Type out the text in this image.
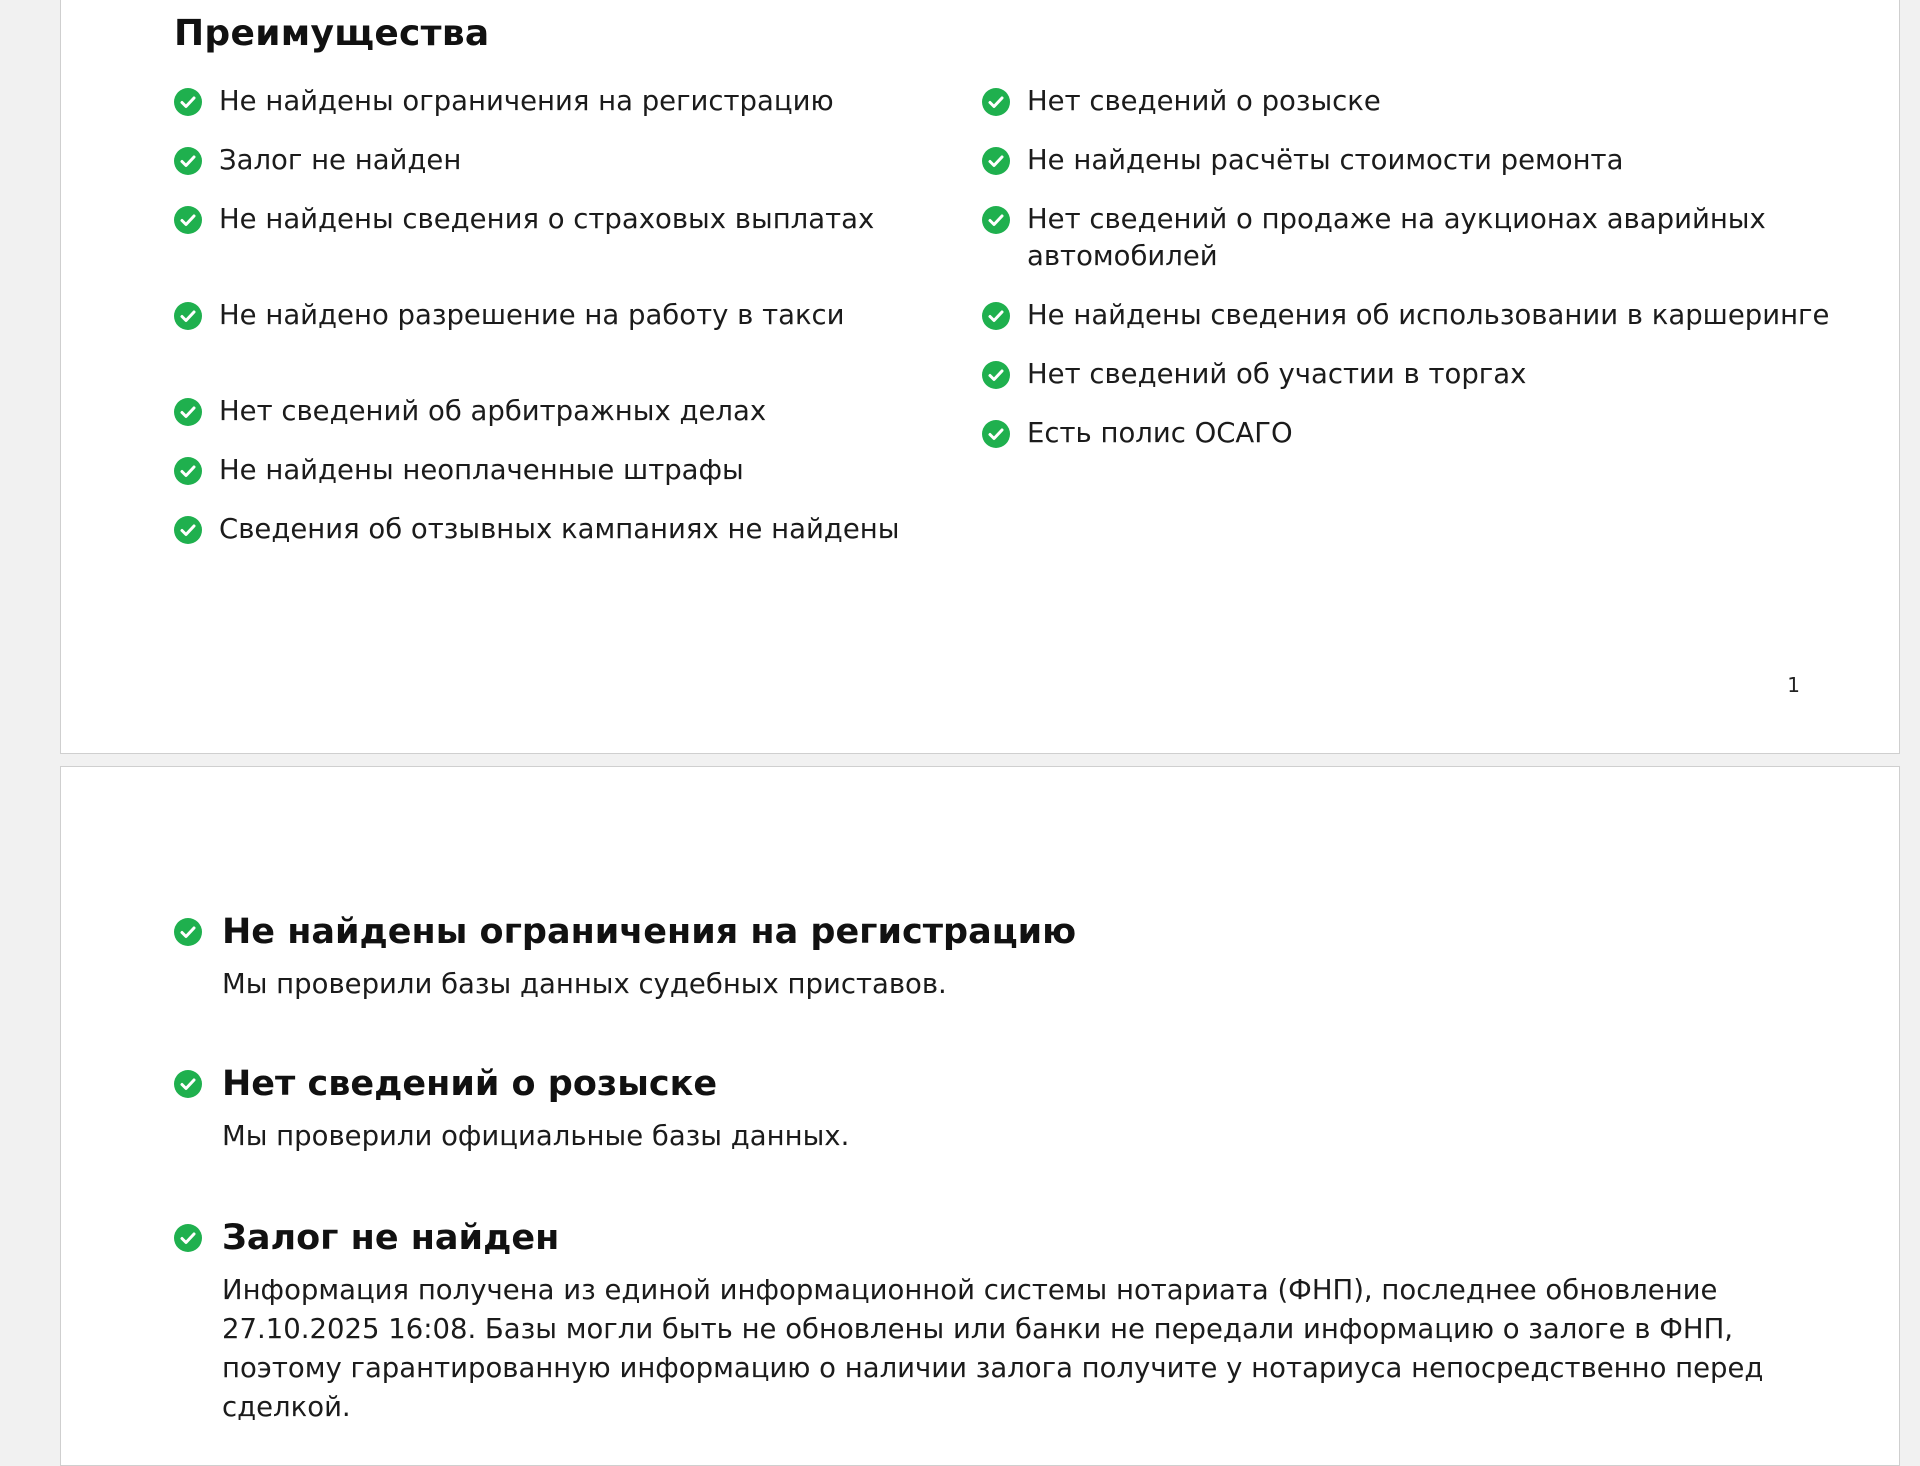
Преимущества
Не найдены ограничения на регистрацию
Залог не найден
Не найдены сведения о страховых выплатах
Не найдено разрешение на работу в такси
Нет сведений об арбитражных делах
Не найдены неоплаченные штрафы
Сведения об отзывных кампаниях не найдены
Нет сведений о розыске
Не найдены расчёты стоимости ремонта
Нет сведений о продаже на аукционах аварийных автомобилей
Не найдены сведения об использовании в каршеринге
Нет сведений об участии в торгах
Есть полис ОСАГО
1
Не найдены ограничения на регистрацию

Мы проверили базы данных судебных приставов.

Нет сведений о розыске

Мы проверили официальные базы данных.

Залог не найден

Информация получена из единой информационной системы нотариата (ФНП), последнее обновление 27.10.2025 16:08. Базы могли быть не обновлены или банки не передали информацию о залоге в ФНП, поэтому гарантированную информацию о наличии залога получите у нотариуса непосредственно перед сделкой.
